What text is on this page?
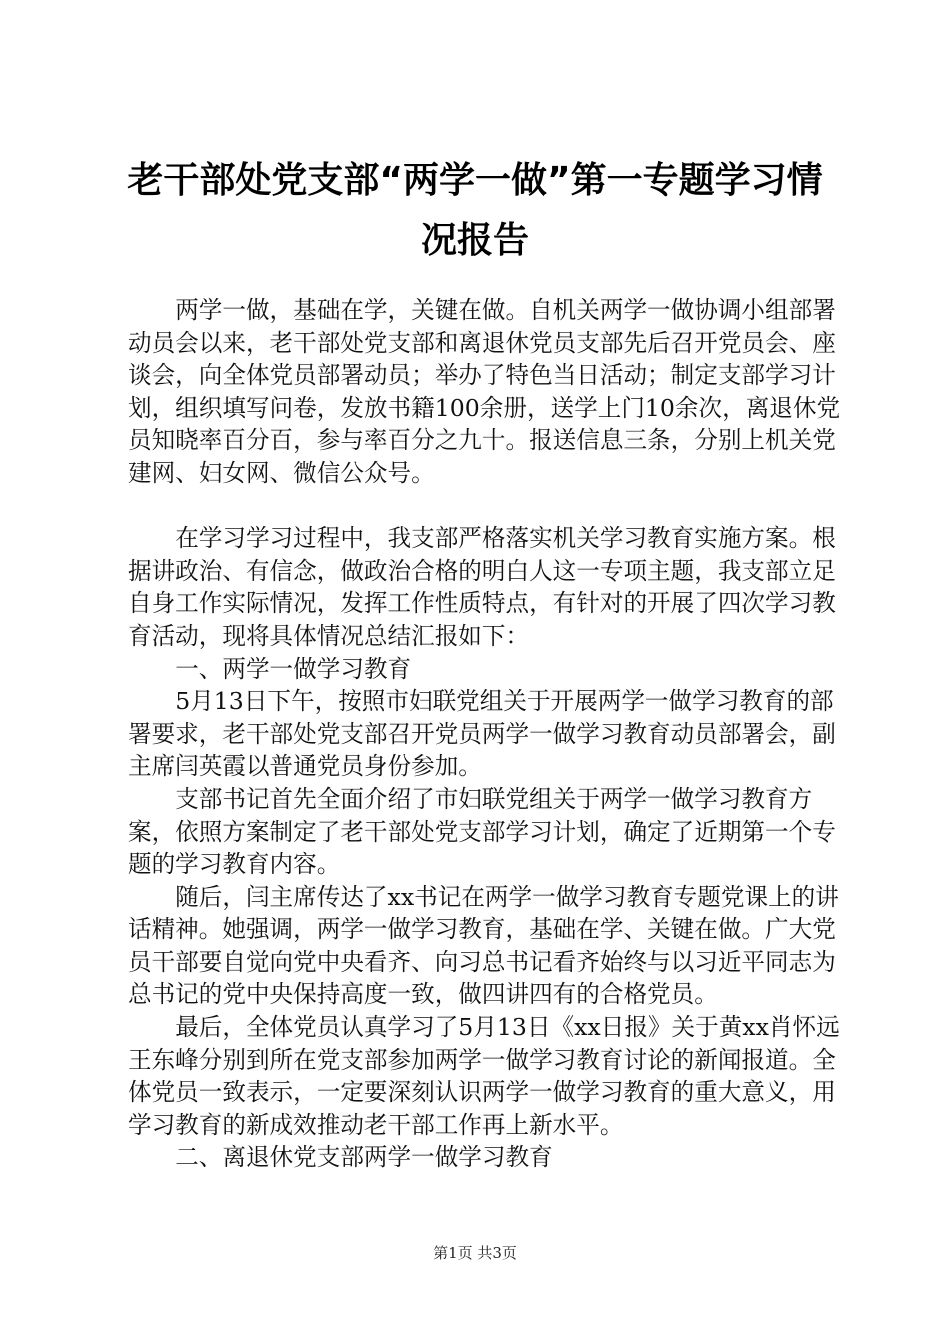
老干部处党支部“两学一做”第一专题学习情
况报告

两学一做，基础在学，关键在做。自机关两学一做协调小组部署动员会以来，老干部处党支部和离退休党员支部先后召开党员会、座谈会，向全体党员部署动员；举办了特色当日活动；制定支部学习计划，组织填写问卷，发放书籍100余册，送学上门10余次，离退休党员知晓率百分百，参与率百分之九十。报送信息三条，分别上机关党建网、妇女网、微信公众号。

在学习学习过程中，我支部严格落实机关学习教育实施方案。根据讲政治、有信念，做政治合格的明白人这一专项主题，我支部立足自身工作实际情况，发挥工作性质特点，有针对的开展了四次学习教育活动，现将具体情况总结汇报如下：

一、两学一做学习教育

5月13日下午，按照市妇联党组关于开展两学一做学习教育的部署要求，老干部处党支部召开党员两学一做学习教育动员部署会，副主席闫英霞以普通党员身份参加。

支部书记首先全面介绍了市妇联党组关于两学一做学习教育方案，依照方案制定了老干部处党支部学习计划，确定了近期第一个专题的学习教育内容。

随后，闫主席传达了xx书记在两学一做学习教育专题党课上的讲话精神。她强调，两学一做学习教育，基础在学、关键在做。广大党员干部要自觉向党中央看齐、向习总书记看齐始终与以习近平同志为总书记的党中央保持高度一致，做四讲四有的合格党员。

最后，全体党员认真学习了5月13日《xx日报》关于黄xx肖怀远王东峰分别到所在党支部参加两学一做学习教育讨论的新闻报道。全体党员一致表示，一定要深刻认识两学一做学习教育的重大意义，用学习教育的新成效推动老干部工作再上新水平。

二、离退休党支部两学一做学习教育

第1页 共3页
